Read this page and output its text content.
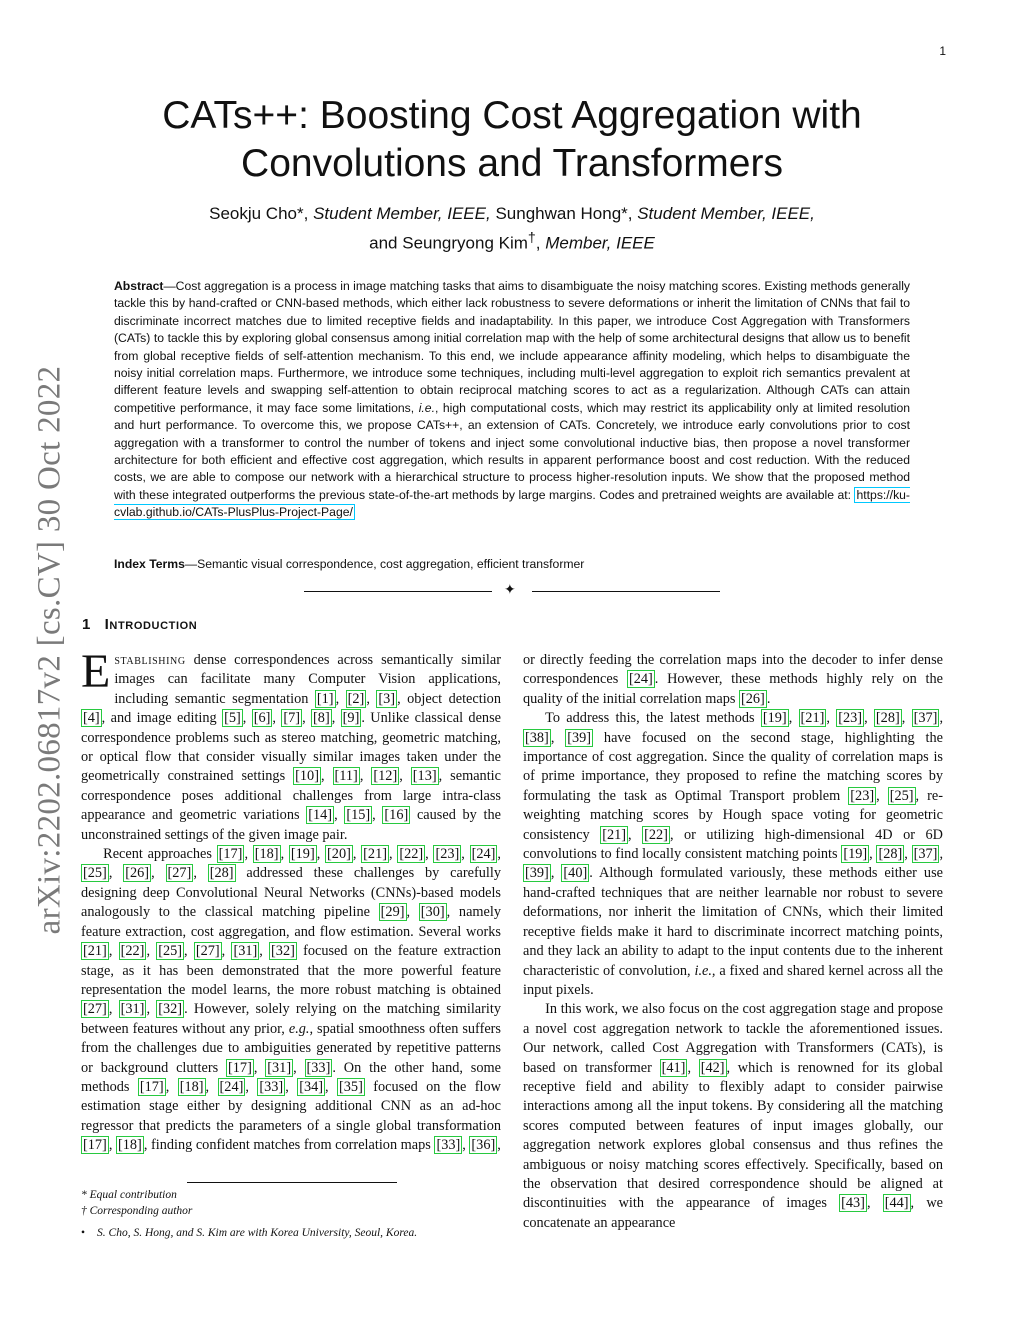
1
arXiv:2202.06817v2 [cs.CV] 30 Oct 2022
CATs++: Boosting Cost Aggregation with
Convolutions and Transformers
Seokju Cho*, Student Member, IEEE, Sunghwan Hong*, Student Member, IEEE,
and Seungryong Kim†, Member, IEEE
Abstract—Cost aggregation is a process in image matching tasks that aims to disambiguate the noisy matching scores. Existing methods generally tackle this by hand-crafted or CNN-based methods, which either lack robustness to severe deformations or inherit the limitation of CNNs that fail to discriminate incorrect matches due to limited receptive fields and inadaptability. In this paper, we introduce Cost Aggregation with Transformers (CATs) to tackle this by exploring global consensus among initial correlation map with the help of some architectural designs that allow us to benefit from global receptive fields of self-attention mechanism. To this end, we include appearance affinity modeling, which helps to disambiguate the noisy initial correlation maps. Furthermore, we introduce some techniques, including multi-level aggregation to exploit rich semantics prevalent at different feature levels and swapping self-attention to obtain reciprocal matching scores to act as a regularization. Although CATs can attain competitive performance, it may face some limitations, i.e., high computational costs, which may restrict its applicability only at limited resolution and hurt performance. To overcome this, we propose CATs++, an extension of CATs. Concretely, we introduce early convolutions prior to cost aggregation with a transformer to control the number of tokens and inject some convolutional inductive bias, then propose a novel transformer architecture for both efficient and effective cost aggregation, which results in apparent performance boost and cost reduction. With the reduced costs, we are able to compose our network with a hierarchical structure to process higher-resolution inputs. We show that the proposed method with these integrated outperforms the previous state-of-the-art methods by large margins. Codes and pretrained weights are available at: https://ku-cvlab.github.io/CATs-PlusPlus-Project-Page/
Index Terms—Semantic visual correspondence, cost aggregation, efficient transformer
✦
1 Introduction

Establishing dense correspondences across semantically similar images can facilitate many Computer Vision applications, including semantic segmentation [1] , [2] , [3] , object detection [4] , and image editing [5] , [6] , [7] , [8] , [9] . Unlike classical dense correspondence problems such as stereo matching, geometric matching, or optical flow that consider visually similar images taken under the geometrically constrained settings [10] , [11] , [12] , [13] , semantic correspondence poses additional challenges from large intra-class appearance and geometric variations [14] , [15] , [16] caused by the unconstrained settings of the given image pair.

Recent approaches [17] , [18] , [19] , [20] , [21] , [22] , [23] , [24] , [25] , [26] , [27] , [28] addressed these challenges by carefully designing deep Convolutional Neural Networks (CNNs)-based models analogously to the classical matching pipeline [29] , [30] , namely feature extraction, cost aggregation, and flow estimation. Several works [21] , [22] , [25] , [27] , [31] , [32] focused on the feature extraction stage, as it has been demonstrated that the more powerful feature representation the model learns, the more robust matching is obtained [27] , [31] , [32] . However, solely relying on the matching similarity between features without any prior, e.g., spatial smoothness often suffers from the challenges due to ambiguities generated by repetitive patterns or background clutters [17] , [31] , [33] . On the other hand, some methods [17] , [18] , [24] , [33] , [34] , [35] focused on the flow estimation stage either by designing additional CNN as an ad-hoc regressor that predicts the parameters of a single global transformation [17] , [18] , finding confident matches from correlation maps [33] , [36] ,

or directly feeding the correlation maps into the decoder to infer dense correspondences [24] . However, these methods highly rely on the quality of the initial correlation maps [26] .

To address this, the latest methods [19] , [21] , [23] , [28] , [37] , [38] , [39] have focused on the second stage, highlighting the importance of cost aggregation. Since the quality of correlation maps is of prime importance, they proposed to refine the matching scores by formulating the task as Optimal Transport problem [23] , [25] , re-weighting matching scores by Hough space voting for geometric consistency [21] , [22] , or utilizing high-dimensional 4D or 6D convolutions to find locally consistent matching points [19] , [28] , [37] , [39] , [40] . Although formulated variously, these methods either use hand-crafted techniques that are neither learnable nor robust to severe deformations, nor inherit the limitation of CNNs, which their limited receptive fields make it hard to discriminate incorrect matching points, and they lack an ability to adapt to the input contents due to the inherent characteristic of convolution, i.e., a fixed and shared kernel across all the input pixels.

In this work, we also focus on the cost aggregation stage and propose a novel cost aggregation network to tackle the aforementioned issues. Our network, called Cost Aggregation with Transformers (CATs), is based on transformer [41] , [42] , which is renowned for its global receptive field and ability to flexibly adapt to consider pairwise interactions among all the input tokens. By considering all the matching scores computed between features of input images globally, our aggregation network explores global consensus and thus refines the ambiguous or noisy matching scores effectively. Specifically, based on the observation that desired correspondence should be aligned at discontinuities with the appearance of images [43] , [44] , we concatenate an appearance

* Equal contribution
† Corresponding author
• S. Cho, S. Hong, and S. Kim are with Korea University, Seoul, Korea.
